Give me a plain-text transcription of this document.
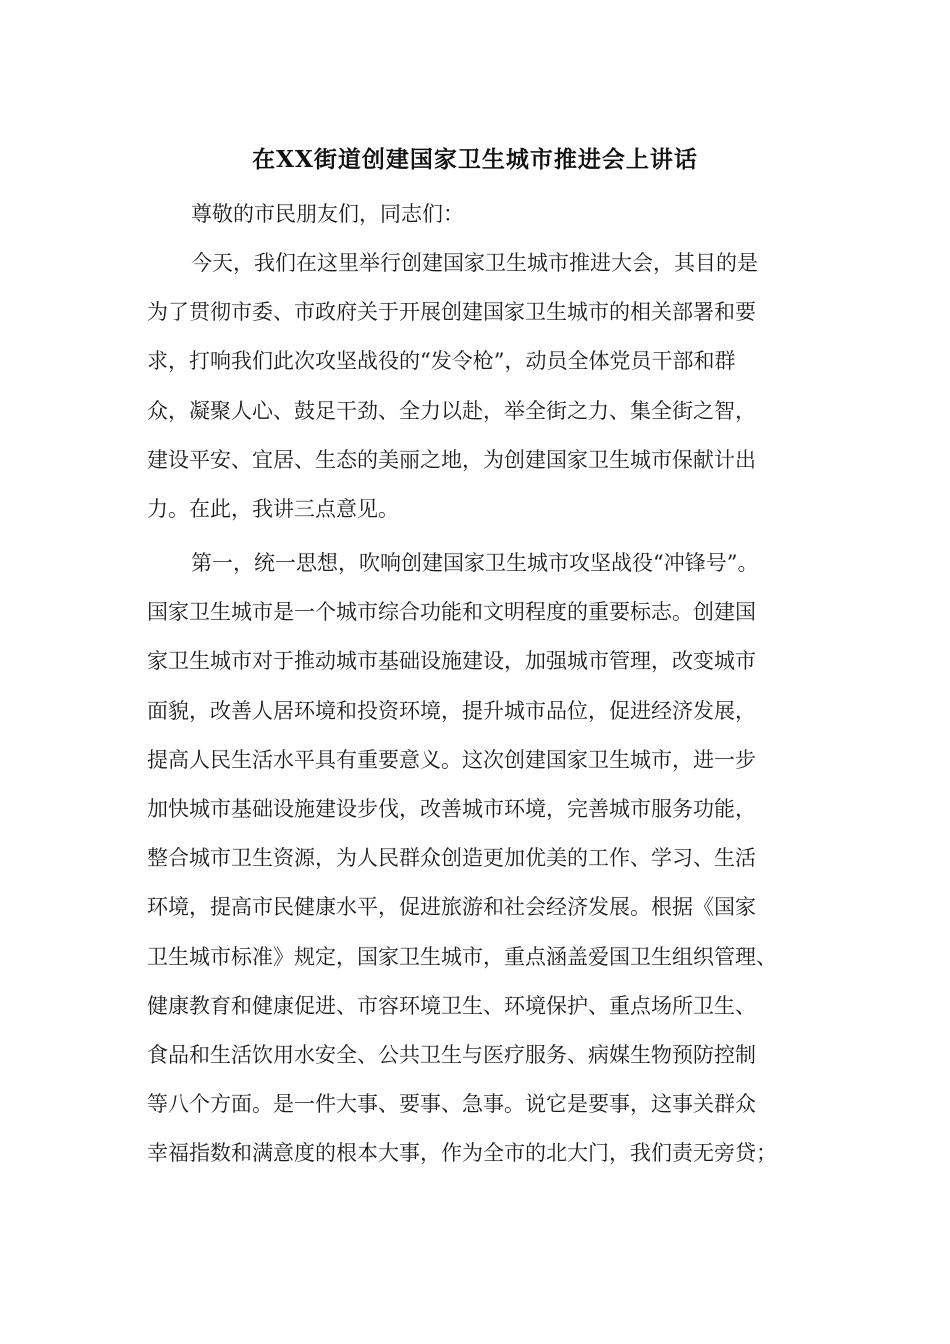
在XX街道创建国家卫生城市推进会上讲话
尊敬的市民朋友们，同志们：
今天，我们在这里举行创建国家卫生城市推进大会，其目的是
为了贯彻市委、市政府关于开展创建国家卫生城市的相关部署和要
求，打响我们此次攻坚战役的“发令枪”，动员全体党员干部和群
众，凝聚人心、鼓足干劲、全力以赴，举全街之力、集全街之智，
建设平安、宜居、生态的美丽之地，为创建国家卫生城市保献计出
力。在此，我讲三点意见。
第一，统一思想，吹响创建国家卫生城市攻坚战役“冲锋号”。
国家卫生城市是一个城市综合功能和文明程度的重要标志。创建国
家卫生城市对于推动城市基础设施建设，加强城市管理，改变城市
面貌，改善人居环境和投资环境，提升城市品位，促进经济发展，
提高人民生活水平具有重要意义。这次创建国家卫生城市，进一步
加快城市基础设施建设步伐，改善城市环境，完善城市服务功能，
整合城市卫生资源，为人民群众创造更加优美的工作、学习、生活
环境，提高市民健康水平，促进旅游和社会经济发展。根据《国家
卫生城市标准》规定，国家卫生城市，重点涵盖爱国卫生组织管理、
健康教育和健康促进、市容环境卫生、环境保护、重点场所卫生、
食品和生活饮用水安全、公共卫生与医疗服务、病媒生物预防控制
等八个方面。是一件大事、要事、急事。说它是要事，这事关群众
幸福指数和满意度的根本大事，作为全市的北大门，我们责无旁贷；
